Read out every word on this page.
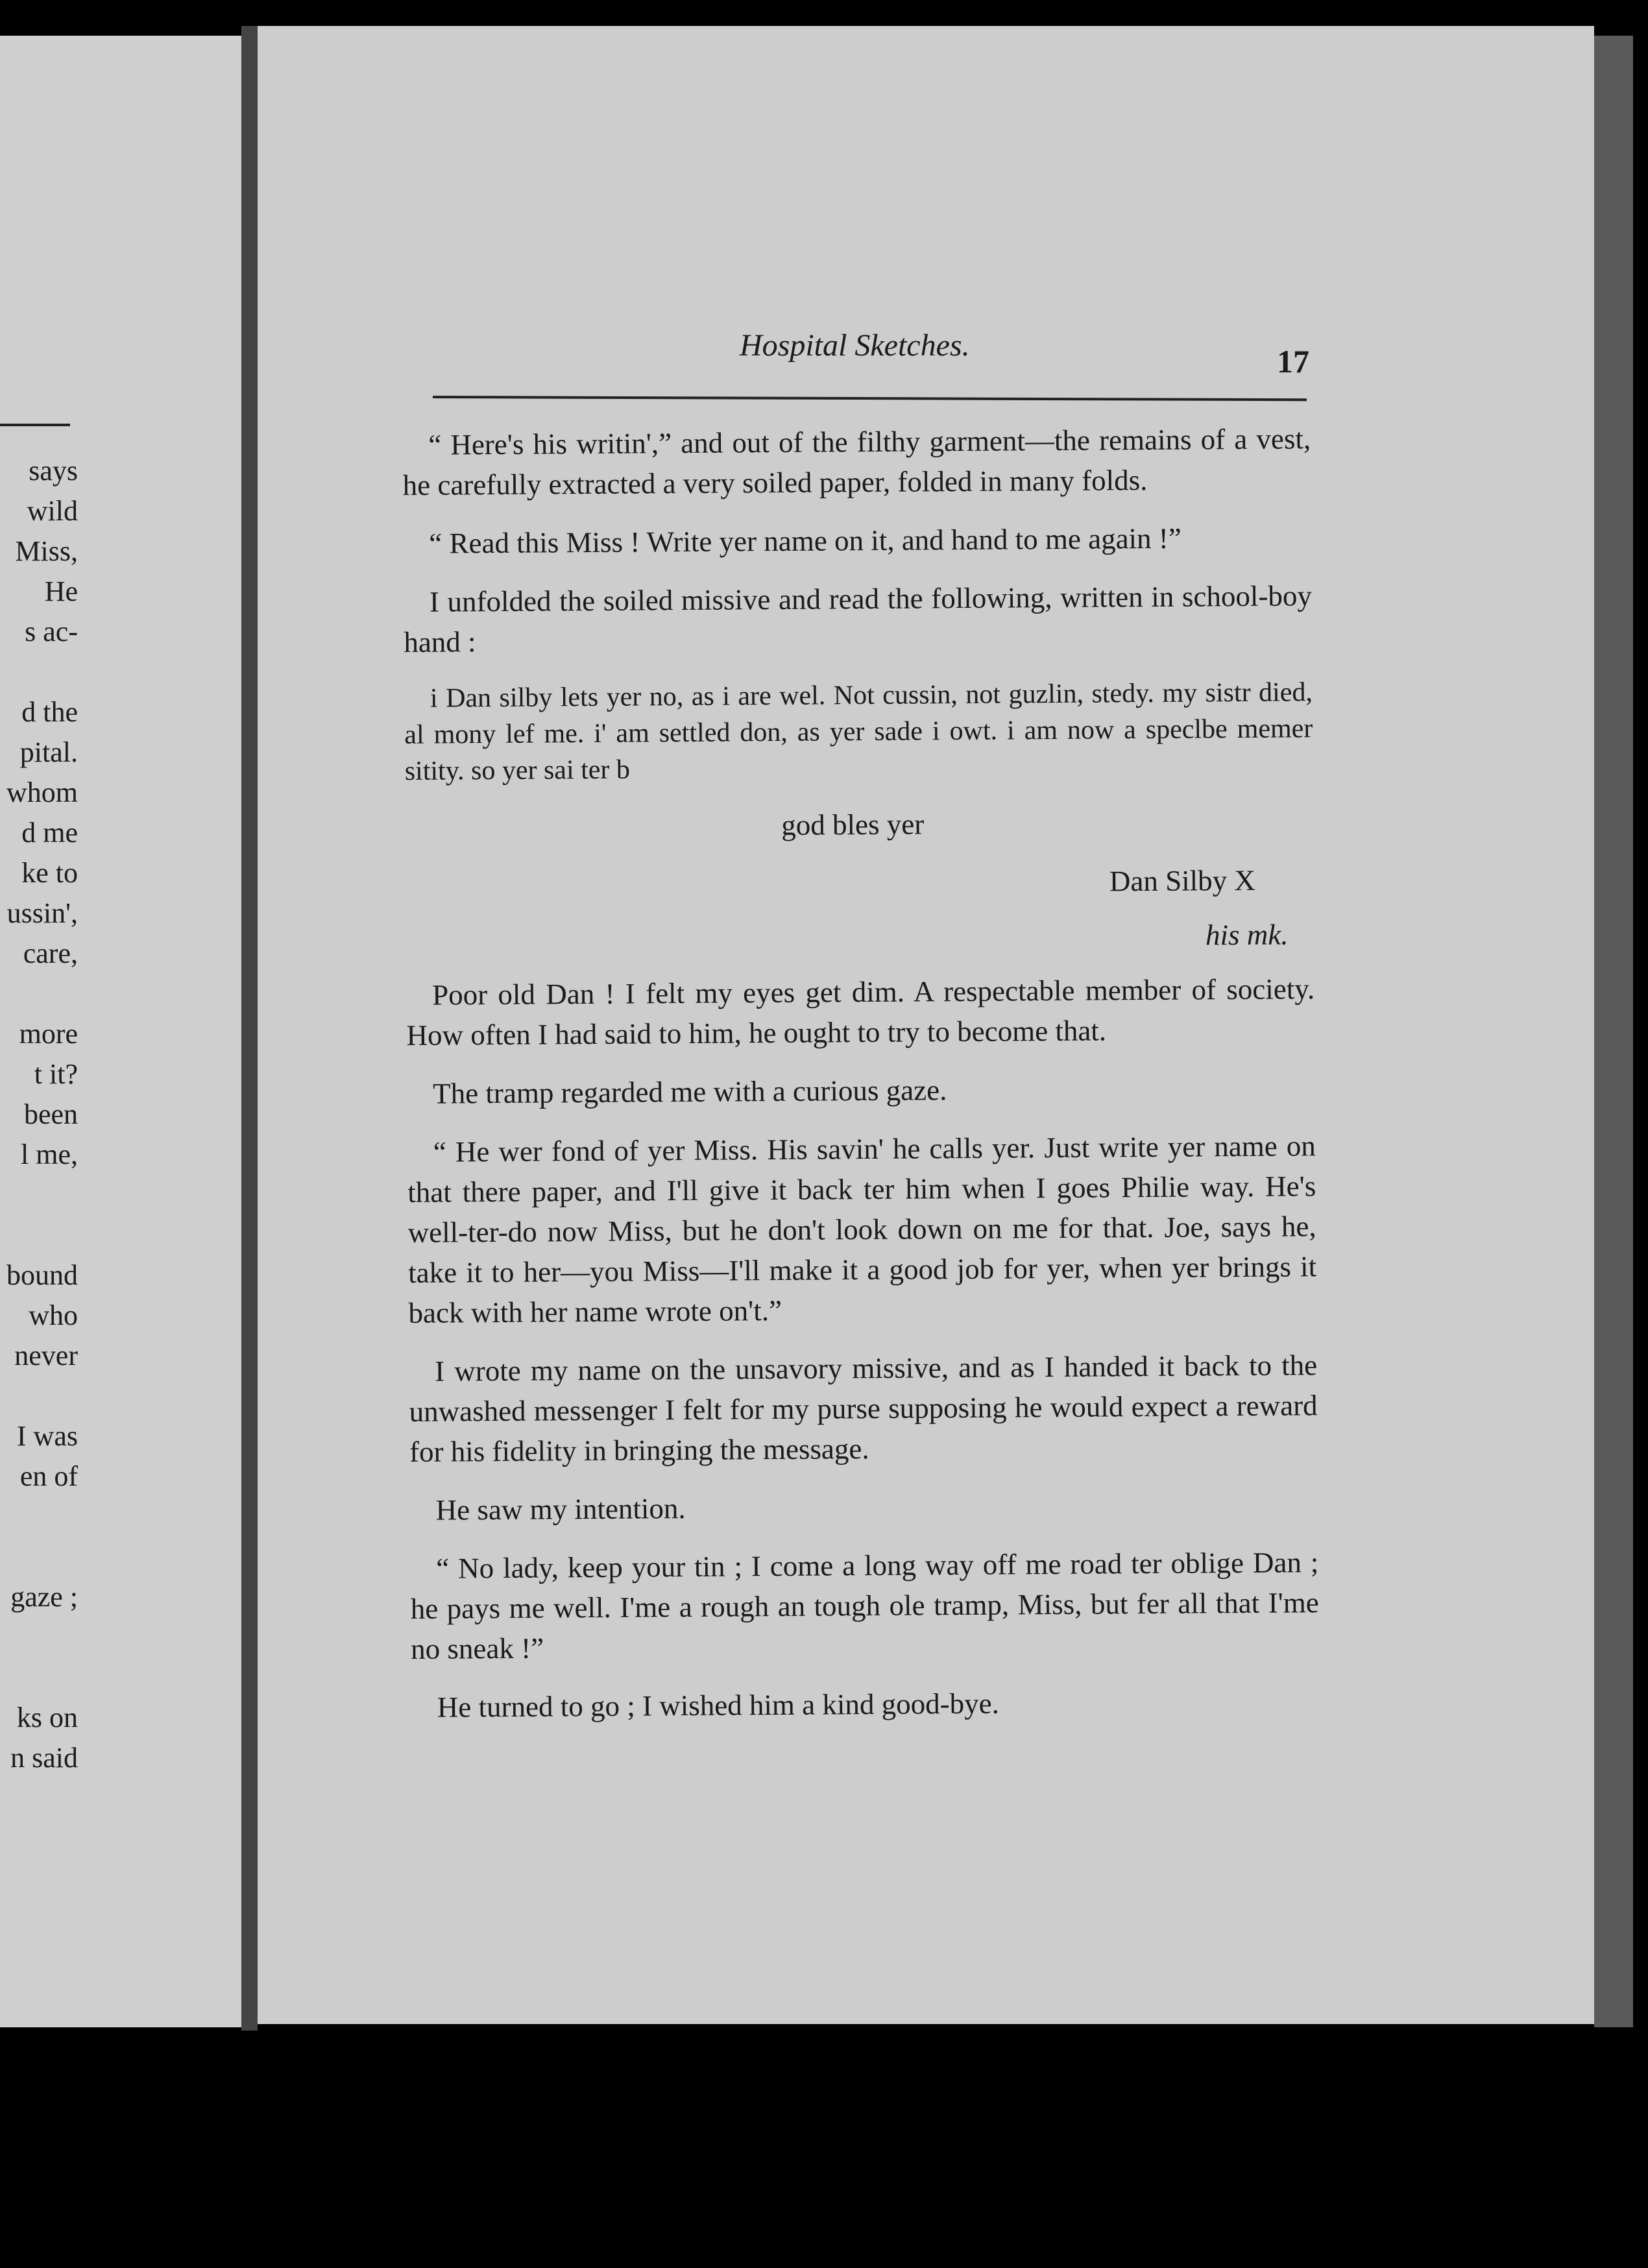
says
wild
Miss,
He
s ac-
d the
pital.
whom
d me
ke to
ussin',
care,
more
t it?
been
l me,
bound
who
never
I was
en of
gaze ;
ks on
n said
Hospital Sketches.	17

“ Here's his writin',” and out of the filthy garment—the remains of a vest, he carefully extracted a very soiled paper, folded in many folds.

“ Read this Miss ! Write yer name on it, and hand to me again !”

I unfolded the soiled missive and read the following, written in school-boy hand :

i Dan silby lets yer no, as i are wel. Not cussin, not guzlin, stedy. my sistr died, al mony lef me. i' am settled don, as yer sade i owt. i am now a speclbe memer sitity. so yer sai ter b

god bles yer

Dan Silby X

his mk.

Poor old Dan ! I felt my eyes get dim. A respectable member of society. How often I had said to him, he ought to try to become that.

The tramp regarded me with a curious gaze.

“ He wer fond of yer Miss. His savin' he calls yer. Just write yer name on that there paper, and I'll give it back ter him when I goes Philie way. He's well-ter-do now Miss, but he don't look down on me for that. Joe, says he, take it to her—you Miss—I'll make it a good job for yer, when yer brings it back with her name wrote on't.”

I wrote my name on the unsavory missive, and as I handed it back to the unwashed messenger I felt for my purse supposing he would expect a reward for his fidelity in bringing the message.

He saw my intention.

“ No lady, keep your tin ; I come a long way off me road ter oblige Dan ; he pays me well. I'me a rough an tough ole tramp, Miss, but fer all that I'me no sneak !”

He turned to go ; I wished him a kind good-bye.
